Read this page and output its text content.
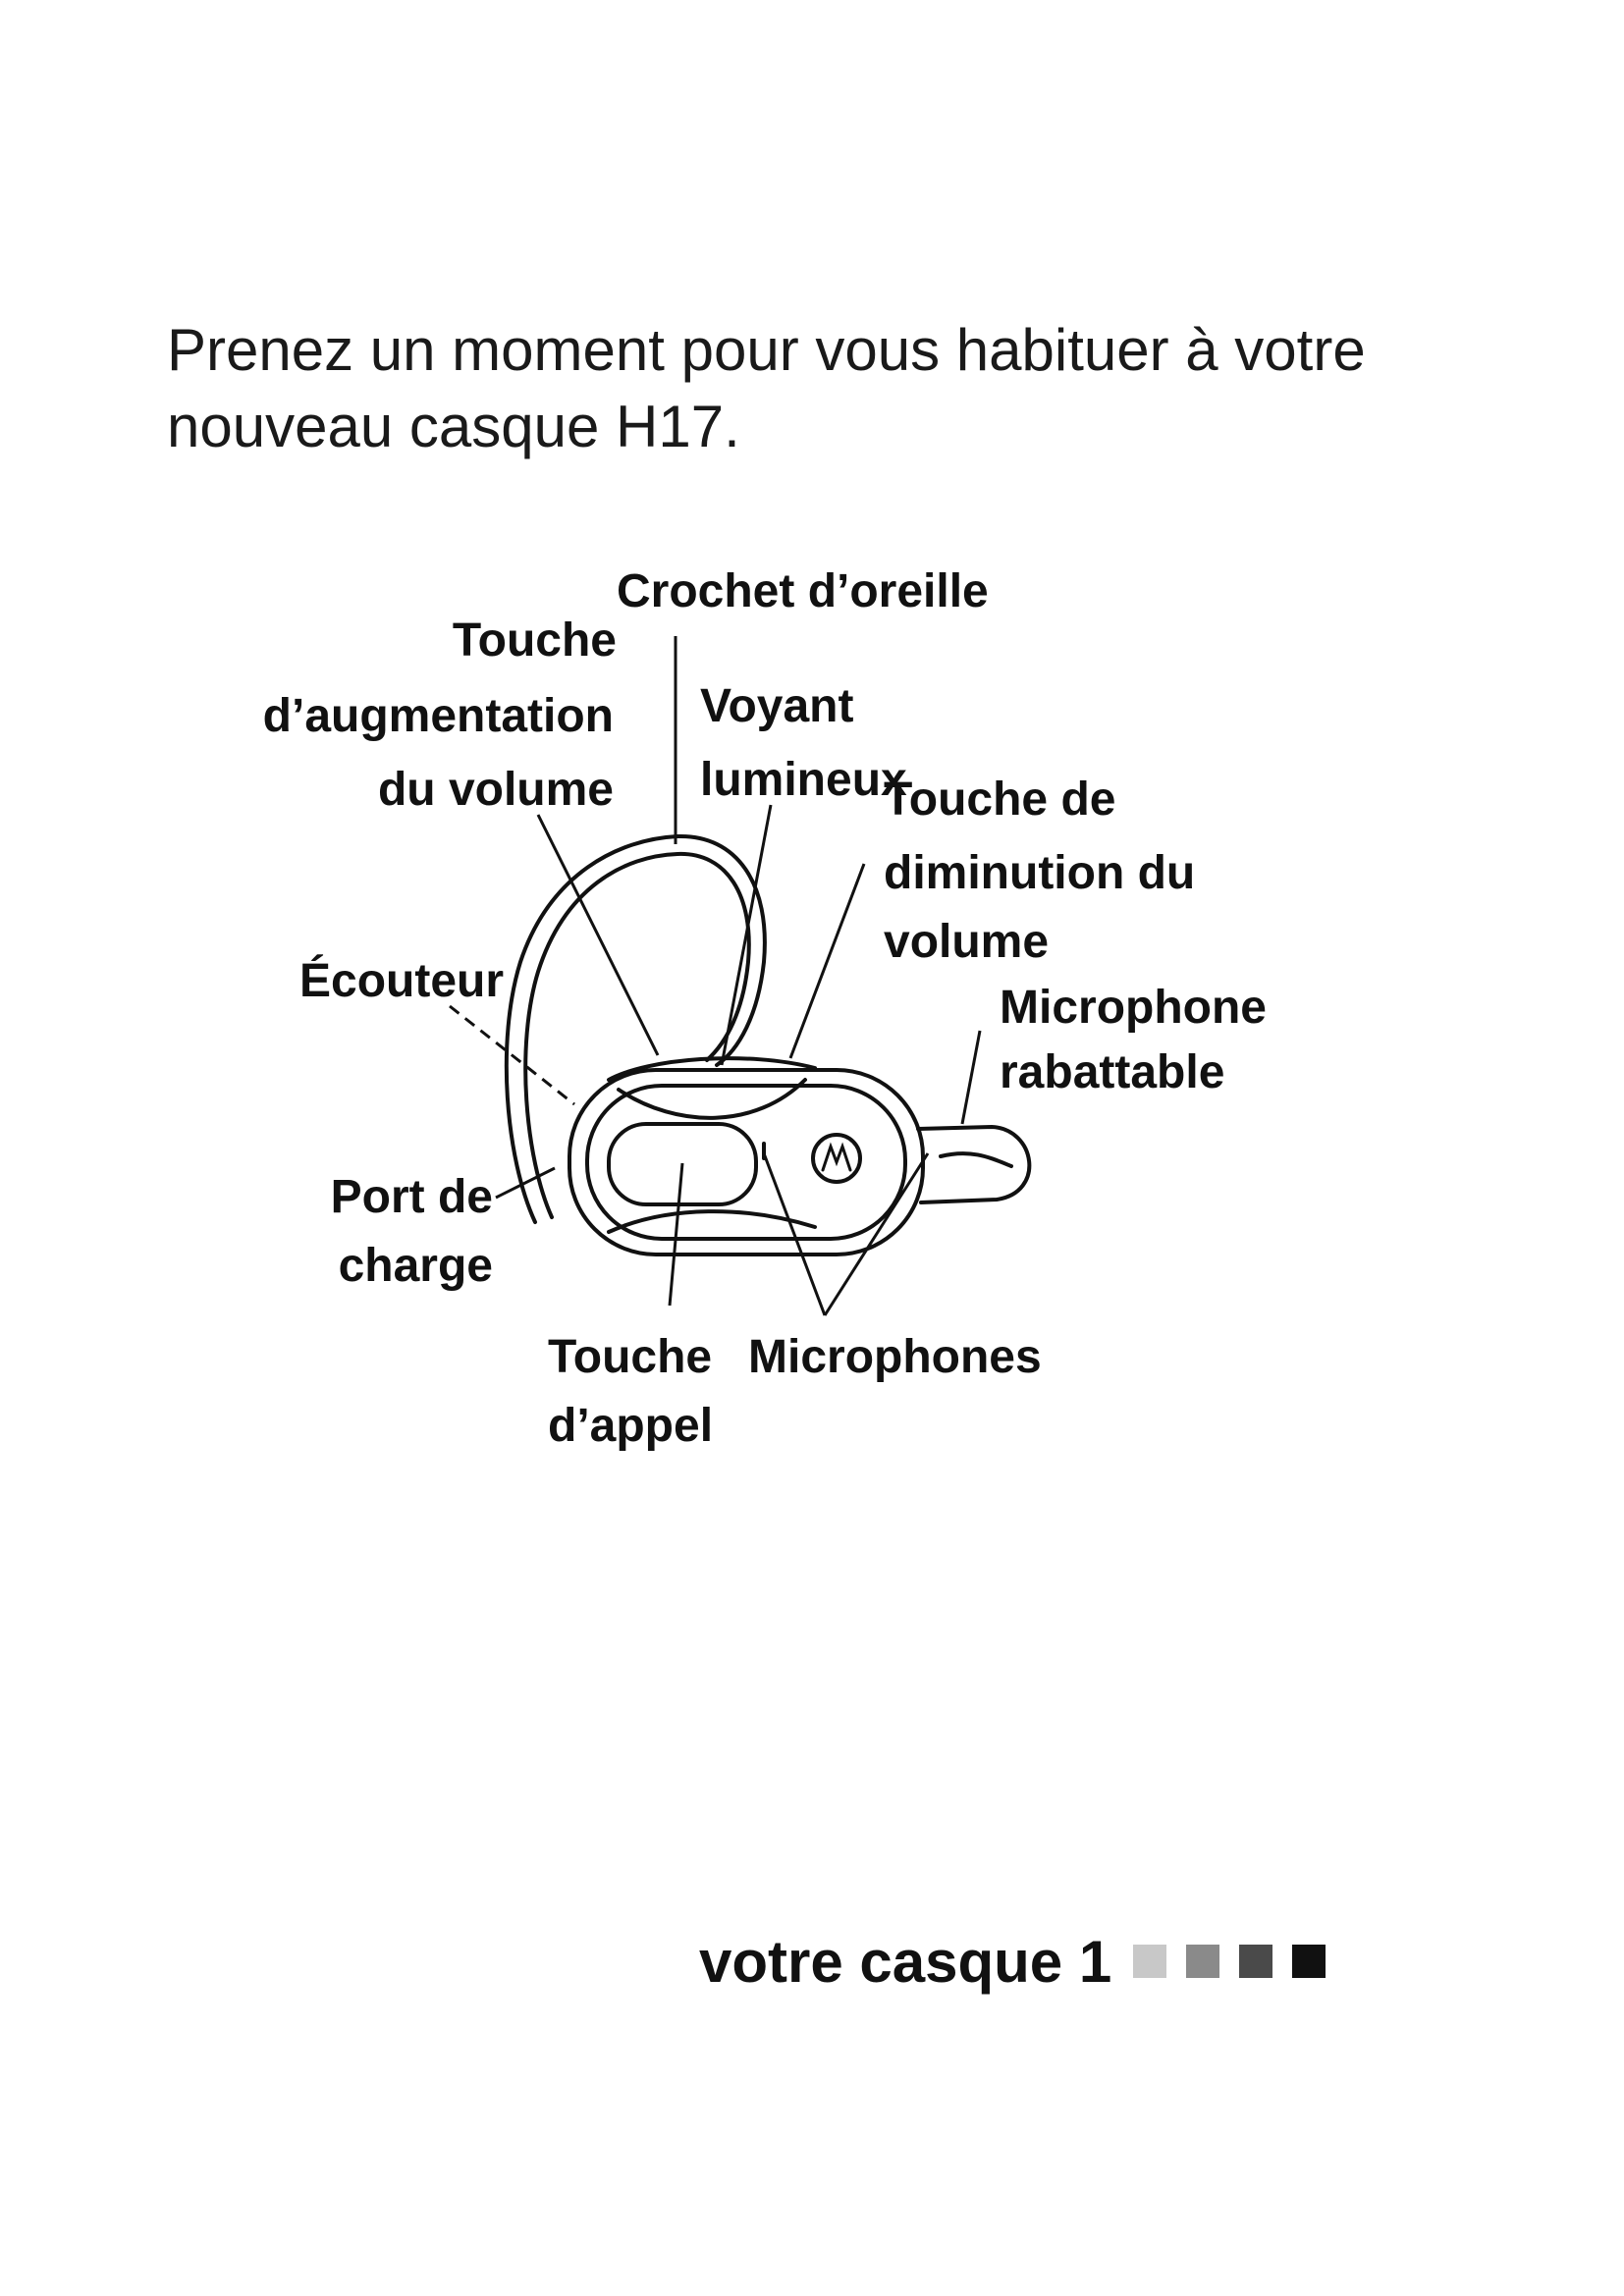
Prenez un moment pour vous habituer à votre
nouveau casque H17.
Crochet d’oreille
Touche
d’augmentation
du volume
Voyant
lumineux
Touche de
diminution du
volume
Écouteur
Microphone
rabattable
Port de
charge
Touche
d’appel
Microphones
votre casque 1
